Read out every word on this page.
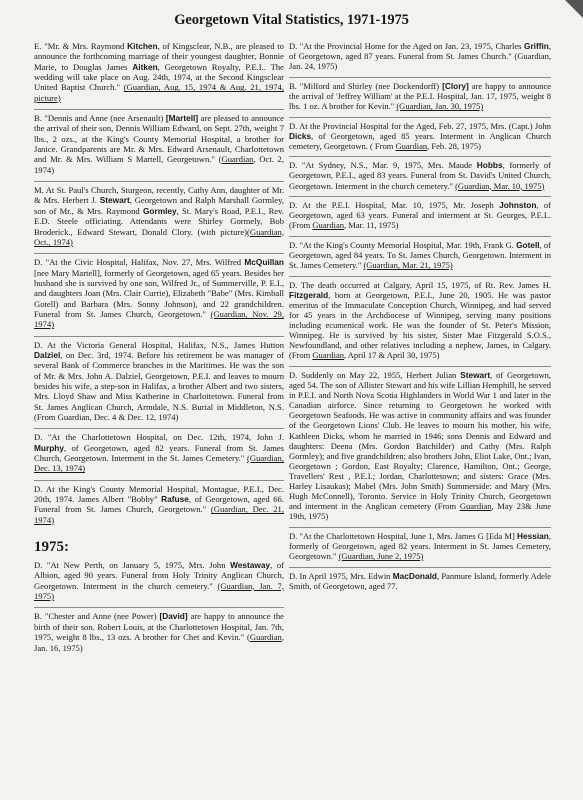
Georgetown Vital Statistics, 1971-1975

E. "Mr. & Mrs. Raymond Kitchen, of Kingsclear, N.B., are pleased to announce the forthcoming marriage of their youngest daughter, Bonnie Marie, to Douglas James Aitken, Georgetown Royalty, P.E.I.. The wedding will take place on Aug. 24th, 1974, at the Second Kingsclear United Baptist Church." (Guardian, Aug. 15, 1974 & Aug. 21, 1974, picture)

B. "Dennis and Anne (nee Arsenault) [Martell] are pleased to announce the arrival of their son, Dennis William Edward, on Sept. 27th, weight 7 lbs., 2 ozs., at the King's County Memorial Hospital, a brother for Janice. Grandparents are Mr. & Mrs. Edward Arsenault, Charlottetown and Mr. & Mrs. William S Martell, Georgetown." (Guardian, Oct. 2, 1974)

M. At St. Paul's Church, Sturgeon, recently, Cathy Ann, daughter of Mr. & Mrs. Herbert J. Stewart, Georgetown and Ralph Marshall Gormley, son of Mr., & Mrs. Raymond Gormley, St. Mary's Road, P.E.I., Rev. E.D. Steele officiating. Attendants were Shirley Gormely, Bob Broderick., Edward Stewart, Donald Clory. (with picture)(Guardian, Oct., 1974)

D. "At the Civic Hospital, Halifax, Nov. 27, Mrs. Wilfred McQuillan [nee Mary Martell], formerly of Georgetown, aged 65 years. Besides her husband she is survived by one son, Wilfred Jr., of Summerville, P. E.I., and daughters Joan (Mrs. Clair Currie), Elizabeth "Babe" (Mrs. Kimball Gotell) and Barbara (Mrs. Sonny Johnson), and 22 grandchildren. Funeral from St. James Church, Georgetown." (Guardian, Nov. 29, 1974)

D. At the Victoria General Hospital, Halifax, N.S., James Hutton Dalziel, on Dec. 3rd, 1974. Before his retirement he was manager of several Bank of Commerce branches in the Maritimes. He was the son of Mr. & Mrs. John A. Dalziel, Georgetown, P.E.I. and leaves to mourn besides his wife, a step-son in Halifax, a brother Albert and two sisters, Mrs. Lloyd Shaw and Miss Katherine in Charlottetown. Funeral from St. James Anglican Church, Armdale, N.S. Burial in Middleton, N.S. (From Guardian, Dec. 4 & Dec. 12, 1974)

D. "At the Charlottetown Hospital, on Dec. 12th, 1974, John J. Murphy, of Georgetown, aged 82 years. Funeral from St. James Church, Georgetown. Interment in the St. James Cemetery." (Guardian, Dec. 13, 1974)

D. At the King's County Memorial Hospital, Montague, P.E.I., Dec. 20th, 1974. James Albert "Bobby" Rafuse, of Georgetown, aged 66. Funeral from St. James Church, Georgetown." (Guardian, Dec. 21, 1974)

1975:

D. "At New Perth, on January 5, 1975, Mrs. John Westaway, of Albion, aged 90 years. Funeral from Holy Trinity Anglican Church, Georgetown. Interment in the church cemetery." (Guardian, Jan. 7, 1975)

B. "Chester and Anne (nee Power) [David] are happy to announce the birth of their son. Robert Louis, at the Charlottetown Hospital, Jan. 7th, 1975, weight 8 lbs., 13 ozs. A brother for Chet and Kevin." (Guardian, Jan. 16, 1975)

D. "At the Provincial Home for the Aged on Jan. 23, 1975, Charles Griffin, of Georgetown, aged 87 years. Funeral from St. James Church." (Guardian, Jan. 24, 1975)

B. "Milford and Shirley (nee Dockendorff) [Clory] are happy to announce the arrival of 'Jeffrey William' at the P.E.I. Hospital, Jan. 17, 1975, weight 8 lbs. 1 oz. A brother for Kevin." (Guardian, Jan. 30, 1975)

D. At the Provincial Hospital for the Aged, Feb. 27, 1975, Mrs. (Capt.) John Dicks, of Georgetown, aged 85 years. Interment in Anglican Church cemetery, Georgetown. ( From Guardian, Feb. 28, 1975)

D. "At Sydney, N.S., Mar. 9, 1975, Mrs. Maude Hobbs, formerly of Georgetown, P.E.I., aged 83 years. Funeral from St. David's United Church, Georgetown. Interment in the church cemetery." (Guardian, Mar. 10, 1975)

D. At the P.E.I. Hospital, Mar. 10, 1975, Mr. Joseph Johnston, of Georgetown, aged 63 years. Funeral and interment at St. Georges, P.E.I.. (From Guardian, Mar. 11, 1975)

D. "At the King's County Memorial Hospital, Mar. 19th, Frank G. Gotell, of Georgetown, aged 84 years. To St. James Church, Georgetown. Interment in St. James Cemetery." (Guardian, Mar. 21, 1975)

D. The death occurred at Calgary, April 15, 1975, of Rt. Rev. James H. Fitzgerald, born at Georgetown, P.E.I., June 20, 1905. He was pastor emeritus of the Immaculate Conception Church, Winnipeg, and had served for 45 years in the Archdiocese of Winnipeg, serving many positions including ecumenical work. He was the founder of St. Peter's Mission, Winnipeg. He is survived by his sister, Sister Mae Fitzgerald S.O.S., Newfoundland, and other relatives including a nephew, James, in Calgary. (From Guardian, April 17 & April 30, 1975)

D. Suddenly on May 22, 1955, Herbert Julian Stewart, of Georgetown, aged 54. The son of Allister Stewart and his wife Lillian Hemphill, he served in P.E.I. and North Nova Scotia Highlanders in World War 1 and later in the Canadian airforce. Since returning to Georgetown he worked with Georgetown Seafoods. He was active in community affairs and was founder of the Georgetown Lions' Club. He leaves to mourn his mother, his wife, Kathleen Dicks, whom he married in 1946; sons Dennis and Edward and daughters: Deena (Mrs. Gordon Batchilder) and Cathy (Mrs. Ralph Gormley); and five grandchildren; also brothers John, Eliot Lake, Ont.; Ivan, Georgetown ; Gordon, East Royalty; Clarence, Hamilton, Ont.; George, Travellers' Rest , P.E.I.; Jordan, Charlottetown; and sisters: Grace (Mrs. Harley Lisaukas); Mabel (Mrs. John Smith) Summerside: and Mary (Mrs. Hugh McConnell), Toronto. Service in Holy Trinity Church, Georgetown and interment in the Anglican cemetery (From Guardian, May 23& June 19th, 1975)

D. "At the Charlottetown Hospital, June 1, Mrs. James G [Eda M] Hessian, formerly of Georgetown, aged 82 years. Interment in St. James Cemetery, Georgetown." (Guardian, June 2, 1975)

D. In April 1975, Mrs. Edwin MacDonald, Panmure Island, formerly Adele Smith, of Georgetown, aged 77.
